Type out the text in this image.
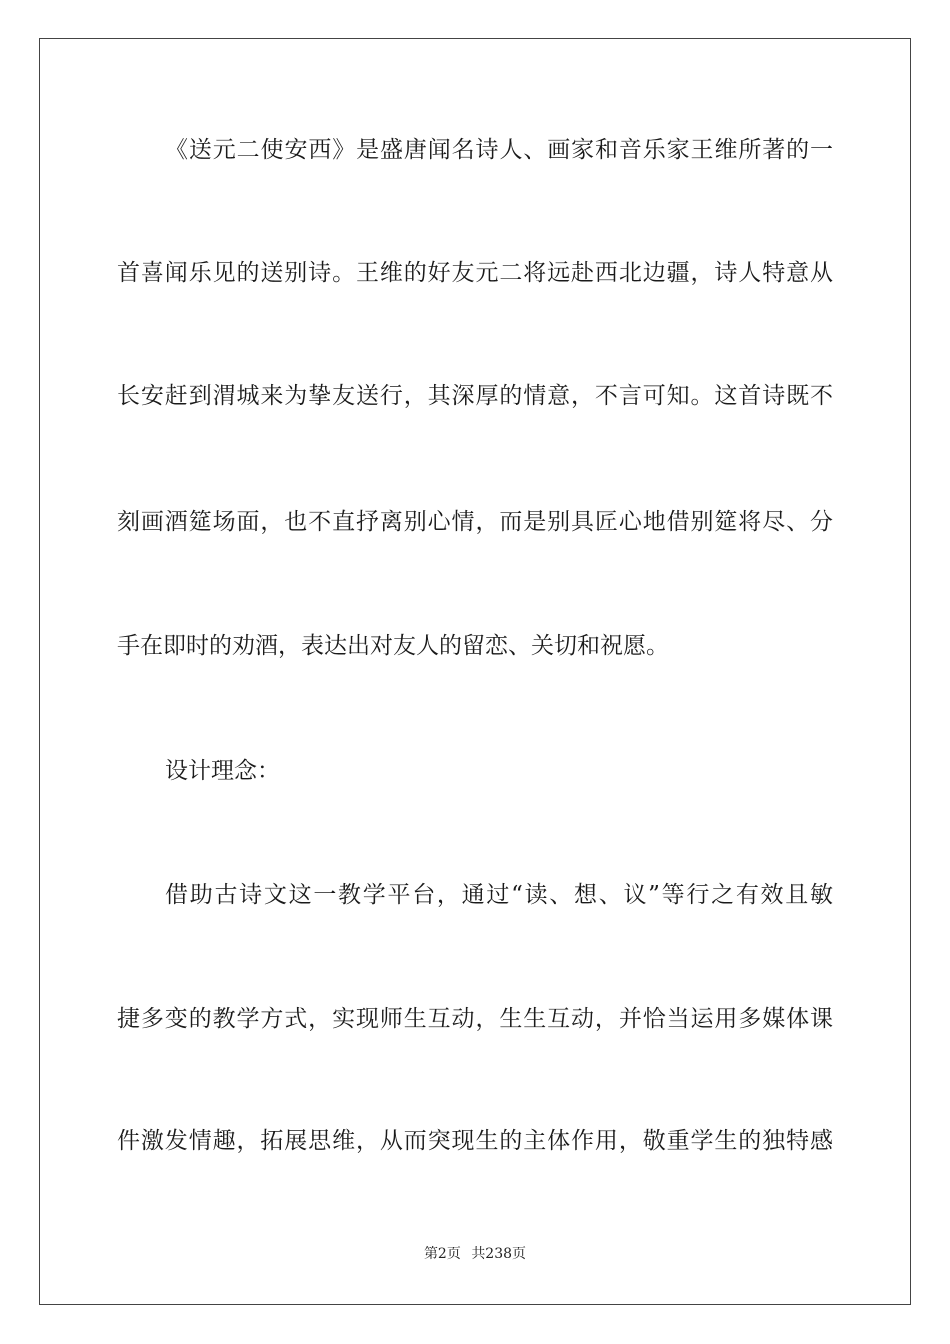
《送元二使安西》是盛唐闻名诗人、画家和音乐家王维所著的一
首喜闻乐见的送别诗。王维的好友元二将远赴西北边疆，诗人特意从
长安赶到渭城来为挚友送行，其深厚的情意，不言可知。这首诗既不
刻画酒筵场面，也不直抒离别心情，而是别具匠心地借别筵将尽、分
手在即时的劝酒，表达出对友人的留恋、关切和祝愿。
设计理念：
借助古诗文这一教学平台，通过“读、想、议”等行之有效且敏
捷多变的教学方式，实现师生互动，生生互动，并恰当运用多媒体课
件激发情趣，拓展思维，从而突现生的主体作用，敬重学生的独特感
第2页 共238页
